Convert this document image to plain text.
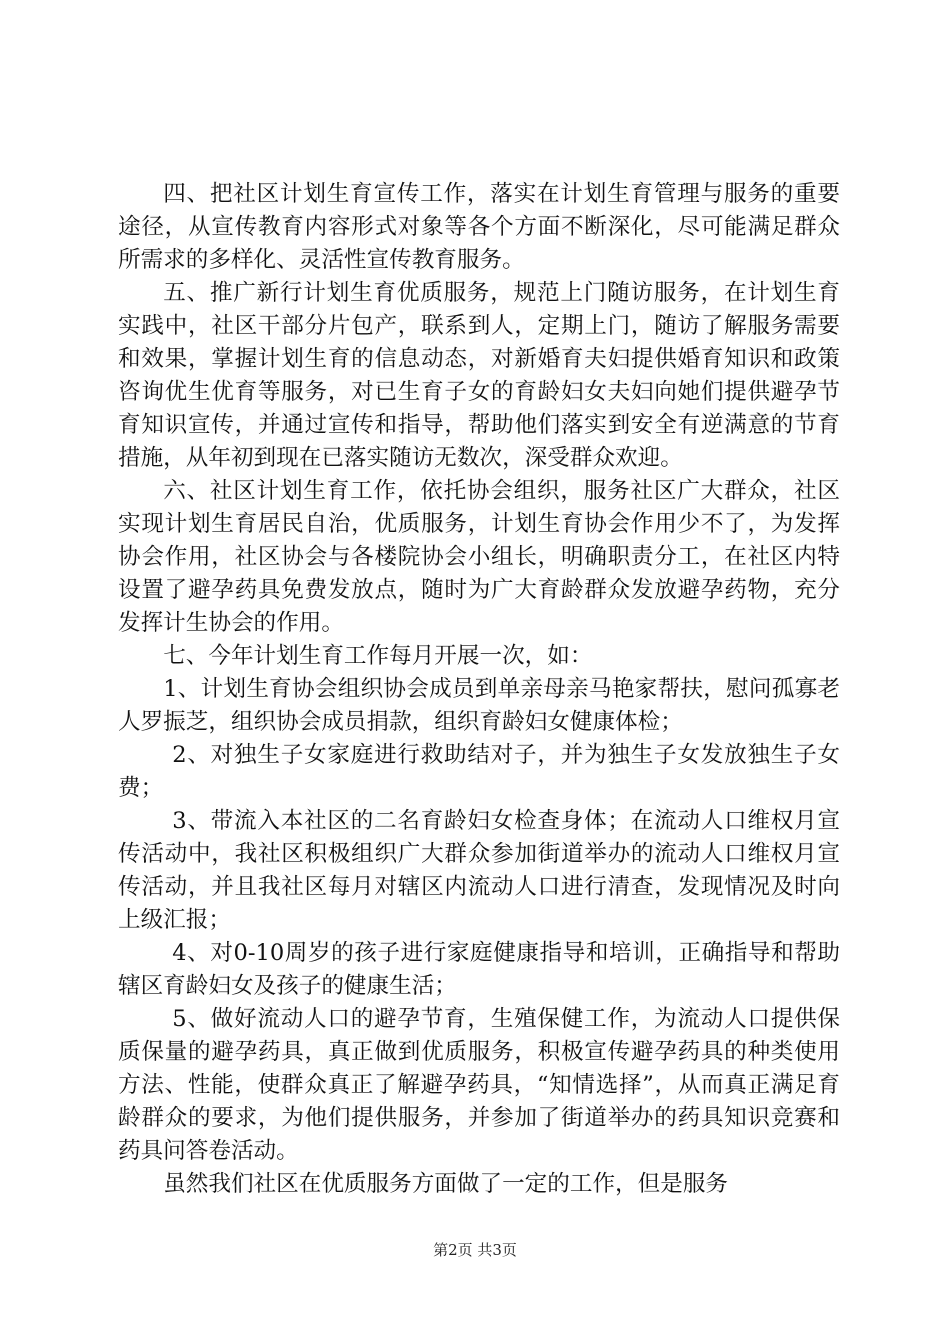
四、把社区计划生育宣传工作，落实在计划生育管理与服务的重要途径，从宣传教育内容形式对象等各个方面不断深化，尽可能满足群众所需求的多样化、灵活性宣传教育服务。

五、推广新行计划生育优质服务，规范上门随访服务，在计划生育实践中，社区干部分片包产，联系到人，定期上门，随访了解服务需要和效果，掌握计划生育的信息动态，对新婚育夫妇提供婚育知识和政策咨询优生优育等服务，对已生育子女的育龄妇女夫妇向她们提供避孕节育知识宣传，并通过宣传和指导，帮助他们落实到安全有逆满意的节育措施，从年初到现在已落实随访无数次，深受群众欢迎。

六、社区计划生育工作，依托协会组织，服务社区广大群众，社区实现计划生育居民自治，优质服务，计划生育协会作用少不了，为发挥协会作用，社区协会与各楼院协会小组长，明确职责分工，在社区内特设置了避孕药具免费发放点，随时为广大育龄群众发放避孕药物，充分发挥计生协会的作用。

七、今年计划生育工作每月开展一次，如：

1、计划生育协会组织协会成员到单亲母亲马艳家帮扶，慰问孤寡老人罗振芝，组织协会成员捐款，组织育龄妇女健康体检；

2、对独生子女家庭进行救助结对子，并为独生子女发放独生子女费；

3、带流入本社区的二名育龄妇女检查身体；在流动人口维权月宣传活动中，我社区积极组织广大群众参加街道举办的流动人口维权月宣传活动，并且我社区每月对辖区内流动人口进行清查，发现情况及时向上级汇报；

4、对0-10周岁的孩子进行家庭健康指导和培训，正确指导和帮助辖区育龄妇女及孩子的健康生活；

5、做好流动人口的避孕节育，生殖保健工作，为流动人口提供保质保量的避孕药具，真正做到优质服务，积极宣传避孕药具的种类使用方法、性能，使群众真正了解避孕药具，“知情选择”，从而真正满足育龄群众的要求，为他们提供服务，并参加了街道举办的药具知识竞赛和药具问答卷活动。

虽然我们社区在优质服务方面做了一定的工作，但是服务

第2页 共3页
